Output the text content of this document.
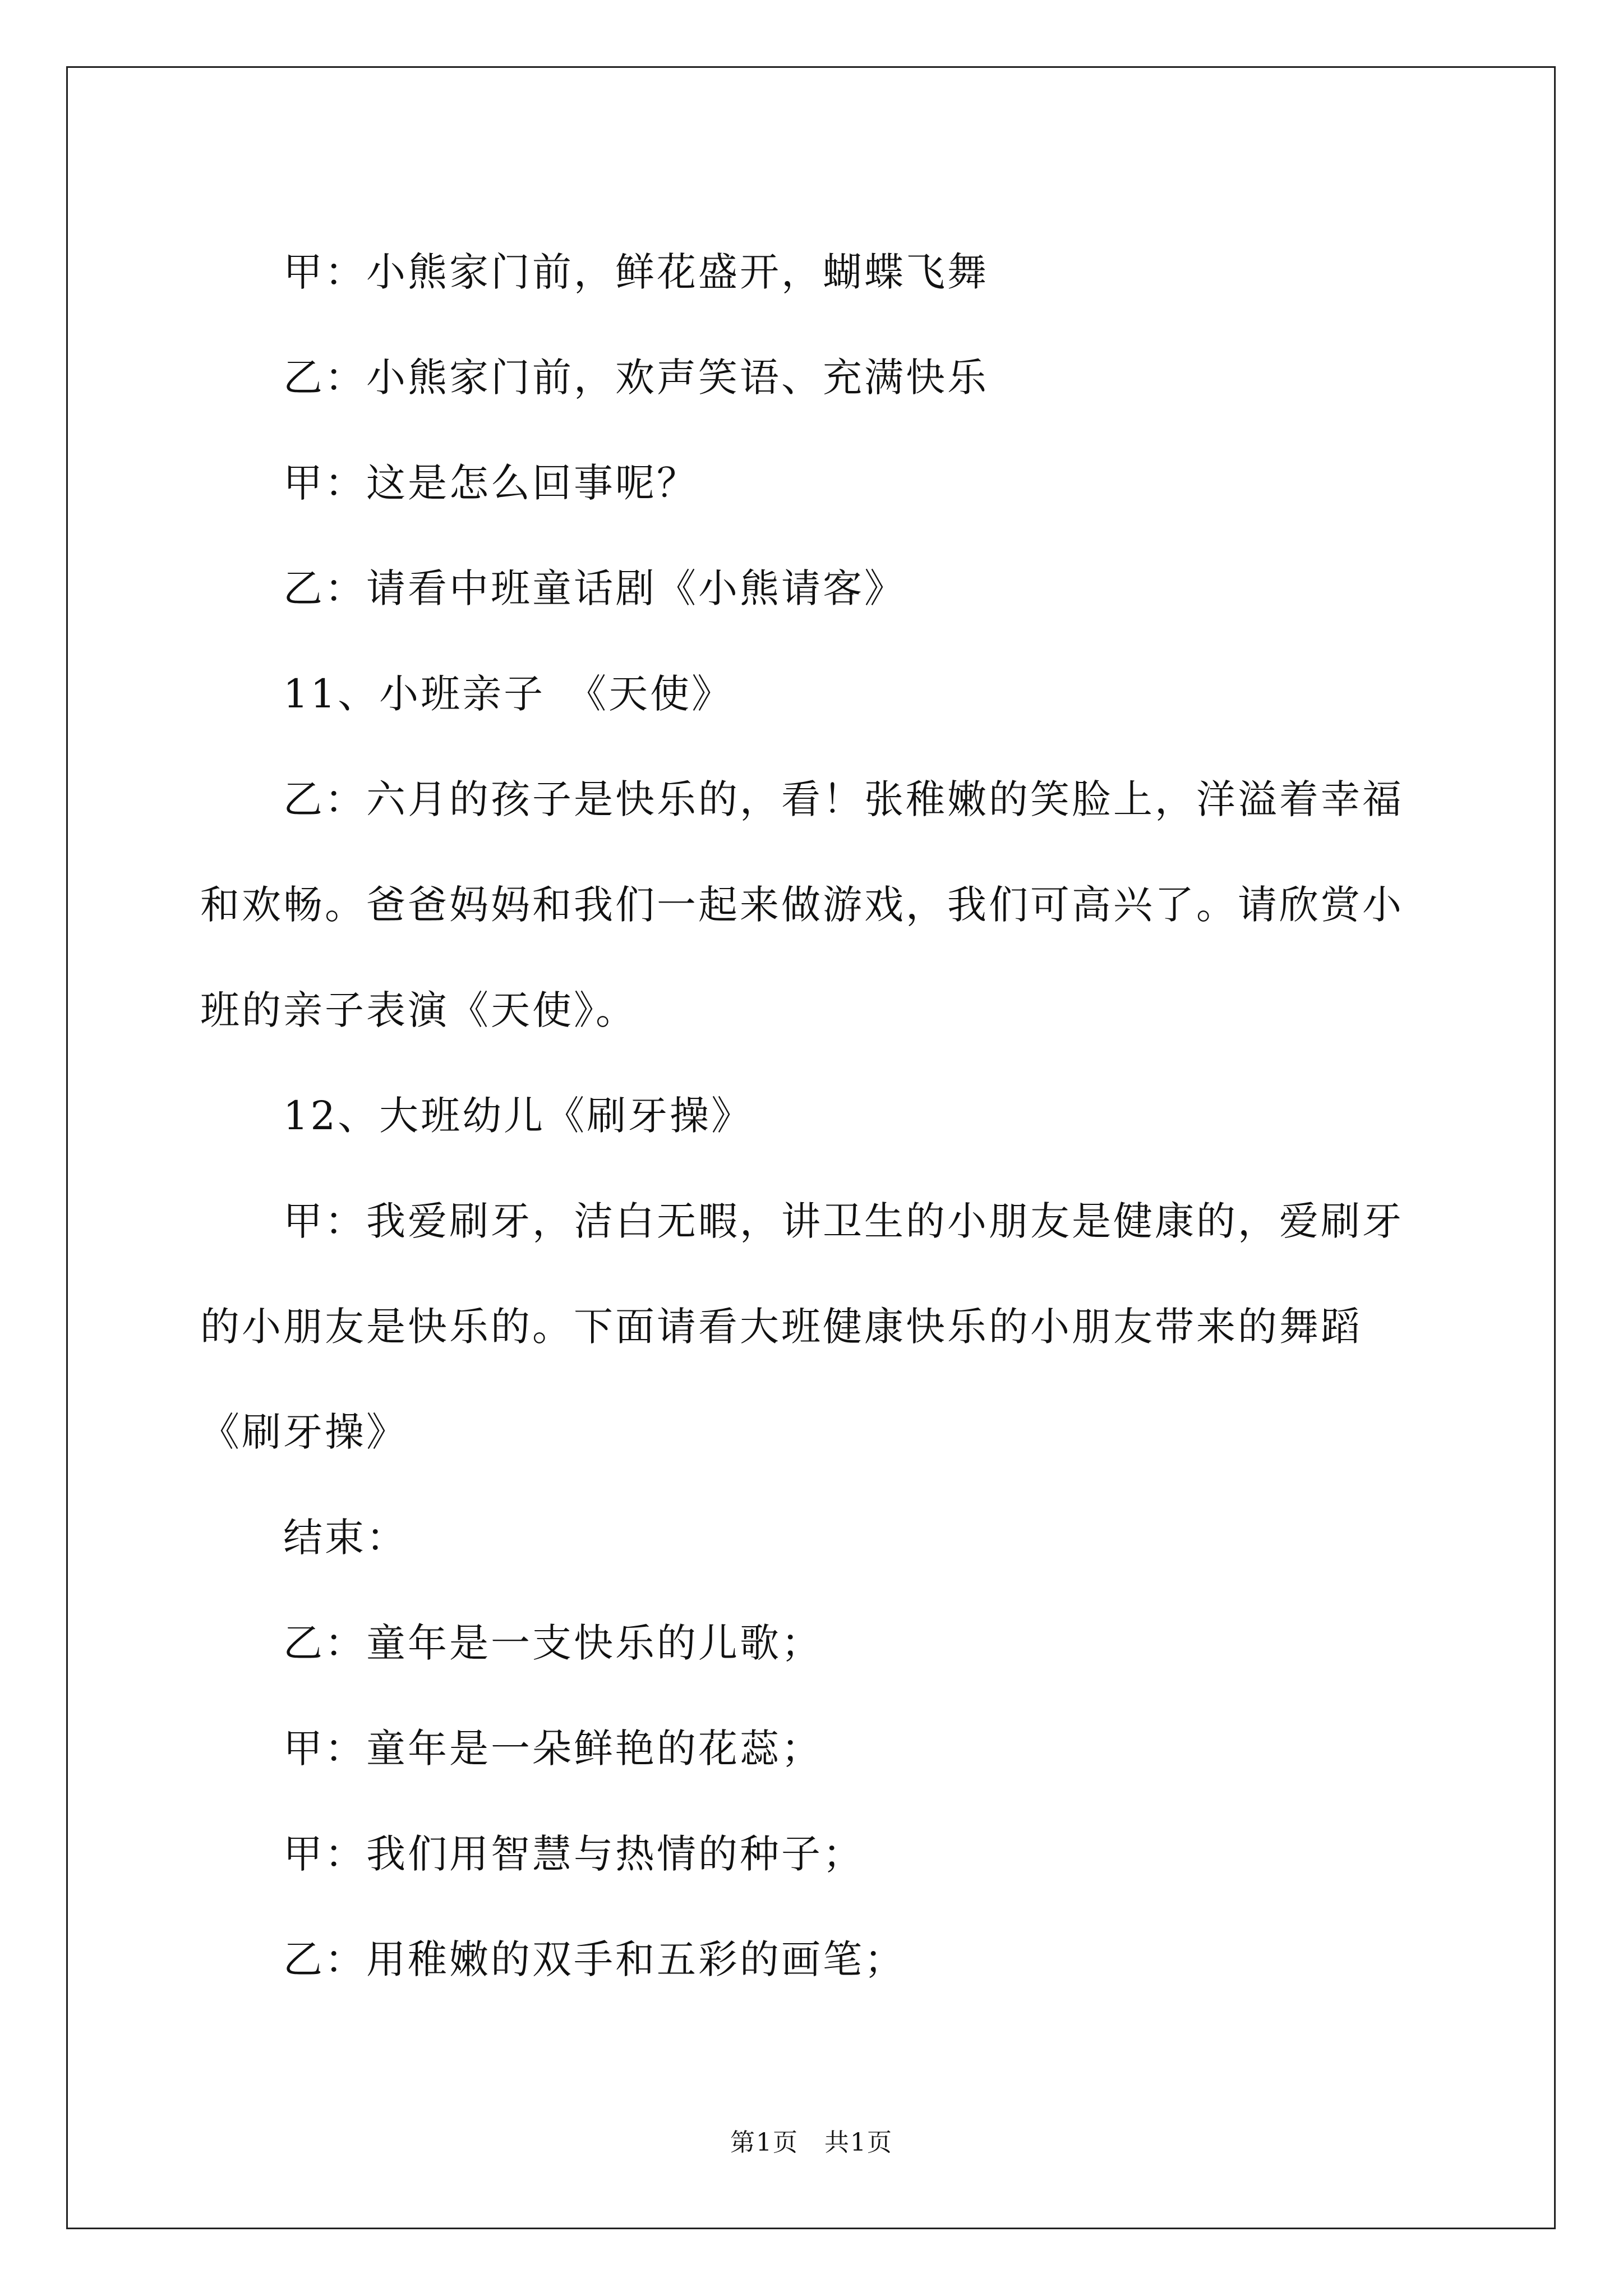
甲：小熊家门前，鲜花盛开，蝴蝶飞舞

乙：小熊家门前，欢声笑语、充满快乐

甲：这是怎么回事呢？

乙：请看中班童话剧《小熊请客》

11、小班亲子　《天使》

乙：六月的孩子是快乐的，看！张稚嫩的笑脸上，洋溢着幸福和欢畅。爸爸妈妈和我们一起来做游戏，我们可高兴了。请欣赏小班的亲子表演《天使》。

12、大班幼儿《刷牙操》

甲：我爱刷牙，洁白无暇，讲卫生的小朋友是健康的，爱刷牙的小朋友是快乐的。下面请看大班健康快乐的小朋友带来的舞蹈《刷牙操》

结束：

乙：童年是一支快乐的儿歌；

甲：童年是一朵鲜艳的花蕊；

甲：我们用智慧与热情的种子；

乙：用稚嫩的双手和五彩的画笔；

第1页　共1页
